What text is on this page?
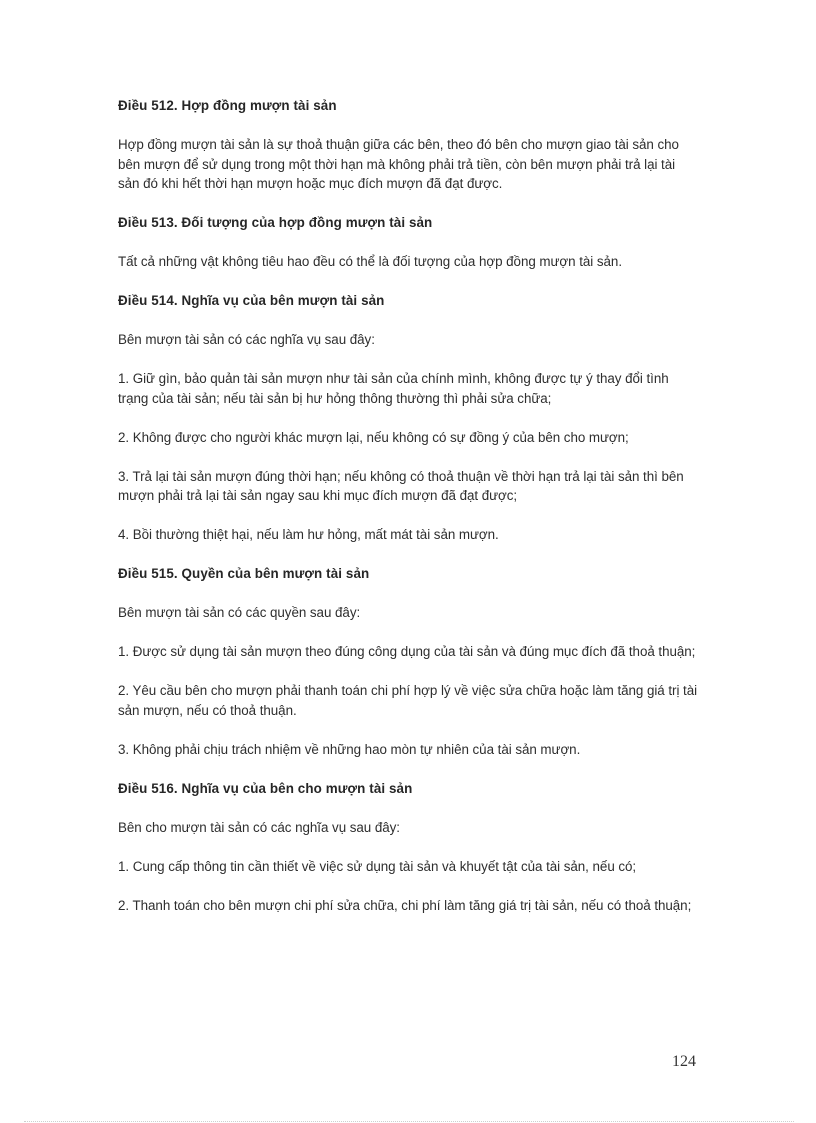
Điều 512. Hợp đồng mượn tài sản

Hợp đồng mượn tài sản là sự thoả thuận giữa các bên, theo đó bên cho mượn giao tài sản cho bên mượn để sử dụng trong một thời hạn mà không phải trả tiền, còn bên mượn phải trả lại tài sản đó khi hết thời hạn mượn hoặc mục đích mượn đã đạt được.

Điều 513. Đối tượng của hợp đồng mượn tài sản

Tất cả những vật không tiêu hao đều có thể là đối tượng của hợp đồng mượn tài sản.

Điều 514. Nghĩa vụ của bên mượn tài sản

Bên mượn tài sản có các nghĩa vụ sau đây:

1. Giữ gìn, bảo quản tài sản mượn như tài sản của chính mình, không được tự ý thay đổi tình trạng của tài sản; nếu tài sản bị hư hỏng thông thường thì phải sửa chữa;

2. Không được cho người khác mượn lại, nếu không có sự đồng ý của bên cho mượn;

3. Trả lại tài sản mượn đúng thời hạn; nếu không có thoả thuận về thời hạn trả lại tài sản thì bên mượn phải trả lại tài sản ngay sau khi mục đích mượn đã đạt được;

4. Bồi thường thiệt hại, nếu làm hư hỏng, mất mát tài sản mượn.

Điều 515. Quyền của bên mượn tài sản

Bên mượn tài sản có các quyền sau đây:

1. Được sử dụng tài sản mượn theo đúng công dụng của tài sản và đúng mục đích đã thoả thuận;

2. Yêu cầu bên cho mượn phải thanh toán chi phí hợp lý về việc sửa chữa hoặc làm tăng giá trị tài sản mượn, nếu có thoả thuận.

3. Không phải chịu trách nhiệm về những hao mòn tự nhiên của tài sản mượn.

Điều 516. Nghĩa vụ của bên cho mượn tài sản

Bên cho mượn tài sản có các nghĩa vụ sau đây:

1. Cung cấp thông tin cần thiết về việc sử dụng tài sản và khuyết tật của tài sản, nếu có;

2. Thanh toán cho bên mượn chi phí sửa chữa, chi phí làm tăng giá trị tài sản, nếu có thoả thuận;

124
